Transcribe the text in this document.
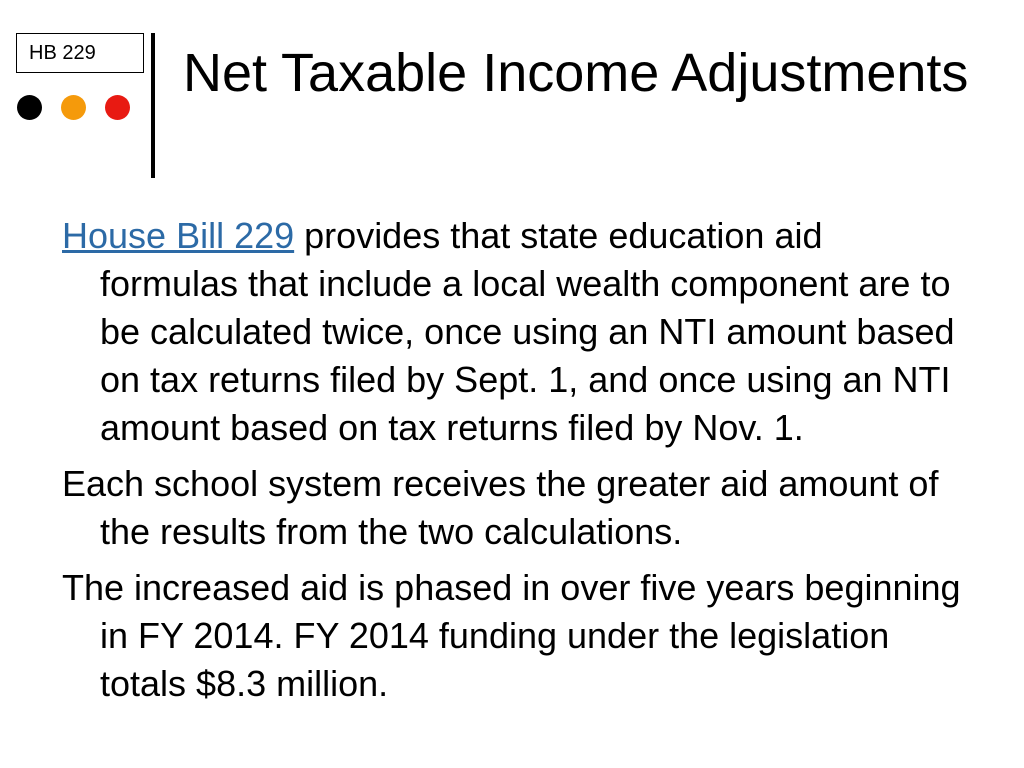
HB 229	Net Taxable Income Adjustments

House Bill 229 provides that state education aid formulas that include a local wealth component are to be calculated twice, once using an NTI amount based on tax returns filed by Sept. 1, and once using an NTI amount based on tax returns filed by Nov. 1.

Each school system receives the greater aid amount of the results from the two calculations.

The increased aid is phased in over five years beginning in FY 2014. FY 2014 funding under the legislation totals $8.3 million.
